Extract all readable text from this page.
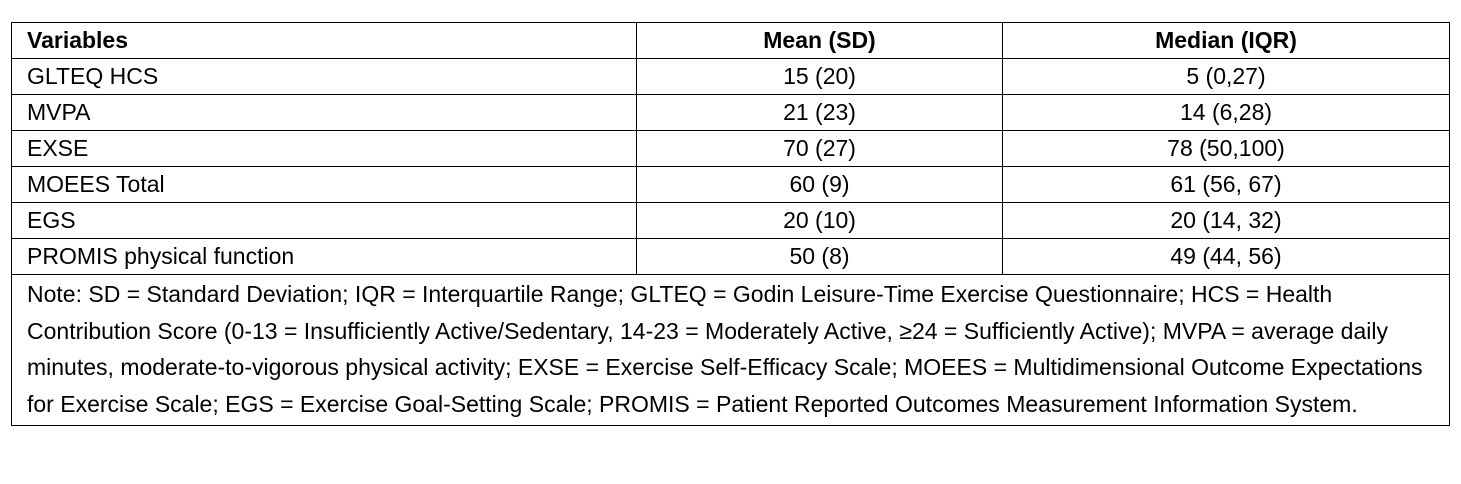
Variables	Mean (SD)	Median (IQR)
GLTEQ HCS	15 (20)	5 (0,27)
MVPA	21 (23)	14 (6,28)
EXSE	70 (27)	78 (50,100)
MOEES Total	60 (9)	61 (56, 67)
EGS	20 (10)	20 (14, 32)
PROMIS physical function	50 (8)	49 (44, 56)
Note: SD = Standard Deviation; IQR = Interquartile Range; GLTEQ = Godin Leisure-Time Exercise Questionnaire; HCS = Health Contribution Score (0-13 = Insufficiently Active/Sedentary, 14-23 = Moderately Active, ≥24 = Sufficiently Active); MVPA = average daily minutes, moderate-to-vigorous physical activity; EXSE = Exercise Self-Efficacy Scale; MOEES = Multidimensional Outcome Expectations for Exercise Scale; EGS = Exercise Goal-Setting Scale; PROMIS = Patient Reported Outcomes Measurement Information System.		
